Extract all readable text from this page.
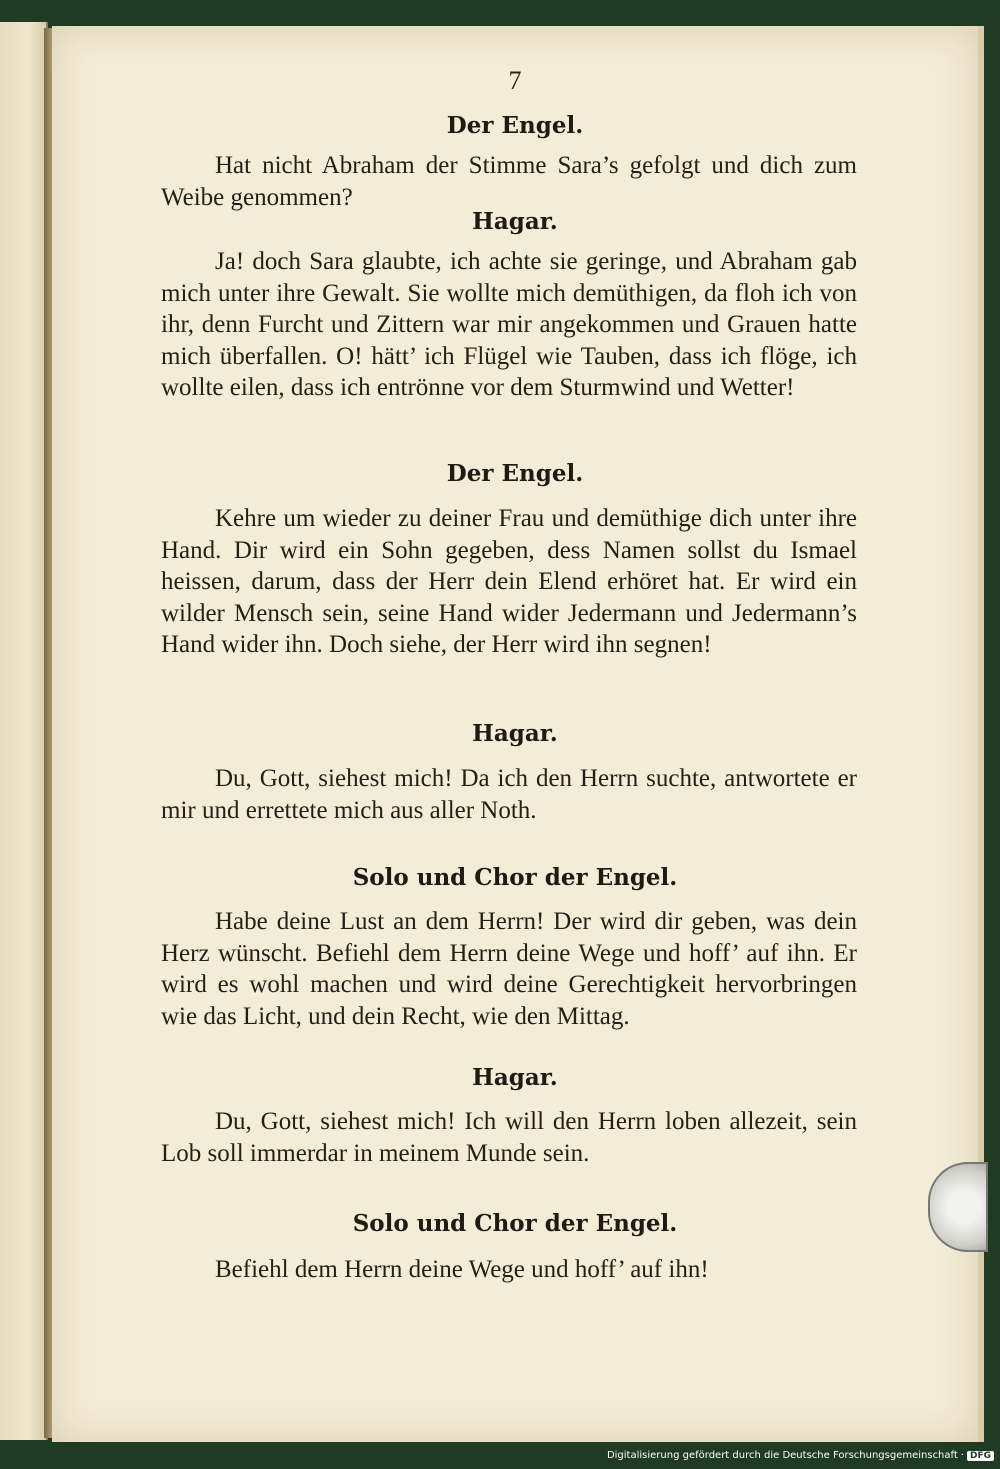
7
Der Engel.

Hat nicht Abraham der Stimme Sara’s gefolgt und dich zum Weibe genommen?

Hagar.

Ja! doch Sara glaubte, ich achte sie geringe, und Abraham gab mich unter ihre Gewalt. Sie wollte mich demüthigen, da floh ich von ihr, denn Furcht und Zittern war mir angekommen und Grauen hatte mich überfallen. O! hätt’ ich Flügel wie Tauben, dass ich flöge, ich wollte eilen, dass ich entrönne vor dem Sturmwind und Wetter!

Der Engel.

Kehre um wieder zu deiner Frau und demüthige dich unter ihre Hand. Dir wird ein Sohn gegeben, dess Namen sollst du Ismael heissen, darum, dass der Herr dein Elend erhöret hat. Er wird ein wilder Mensch sein, seine Hand wider Jedermann und Jedermann’s Hand wider ihn. Doch siehe, der Herr wird ihn segnen!

Hagar.

Du, Gott, siehest mich! Da ich den Herrn suchte, antwortete er mir und errettete mich aus aller Noth.

Solo und Chor der Engel.

Habe deine Lust an dem Herrn! Der wird dir geben, was dein Herz wünscht. Befiehl dem Herrn deine Wege und hoff’ auf ihn. Er wird es wohl machen und wird deine Gerechtigkeit hervorbringen wie das Licht, und dein Recht, wie den Mittag.

Hagar.

Du, Gott, siehest mich! Ich will den Herrn loben allezeit, sein Lob soll immerdar in meinem Munde sein.

Solo und Chor der Engel.

Befiehl dem Herrn deine Wege und hoff’ auf ihn!

Digitalisierung gefördert durch die Deutsche Forschungsgemeinschaft · DFG
